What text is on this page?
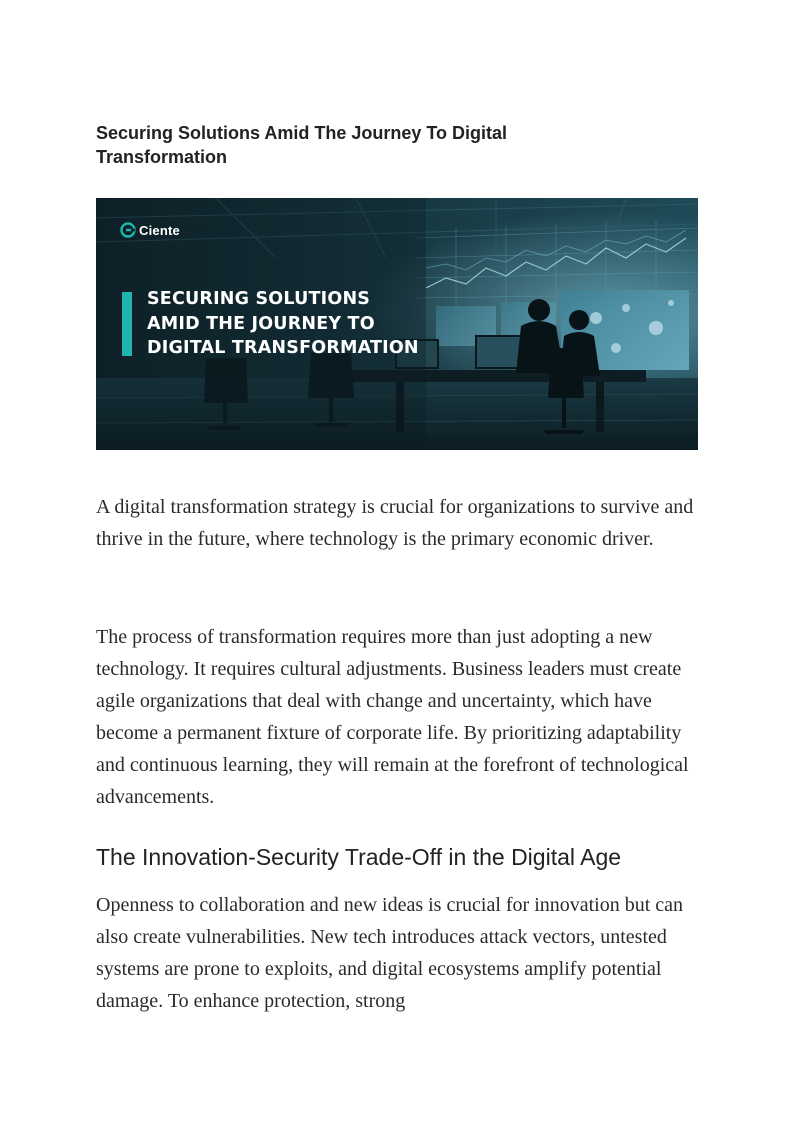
Securing Solutions Amid The Journey To Digital Transformation
Ciente
SECURING SOLUTIONS
AMID THE JOURNEY TO
DIGITAL TRANSFORMATION

A digital transformation strategy is crucial for organizations to survive and thrive in the future, where technology is the primary economic driver.

The process of transformation requires more than just adopting a new technology. It requires cultural adjustments. Business leaders must create agile organizations that deal with change and uncertainty, which have become a permanent fixture of corporate life. By prioritizing adaptability and continuous learning, they will remain at the forefront of technological advancements.

The Innovation-Security Trade-Off in the Digital Age

Openness to collaboration and new ideas is crucial for innovation but can also create vulnerabilities. New tech introduces attack vectors, untested systems are prone to exploits, and digital ecosystems amplify potential damage. To enhance protection, strong
